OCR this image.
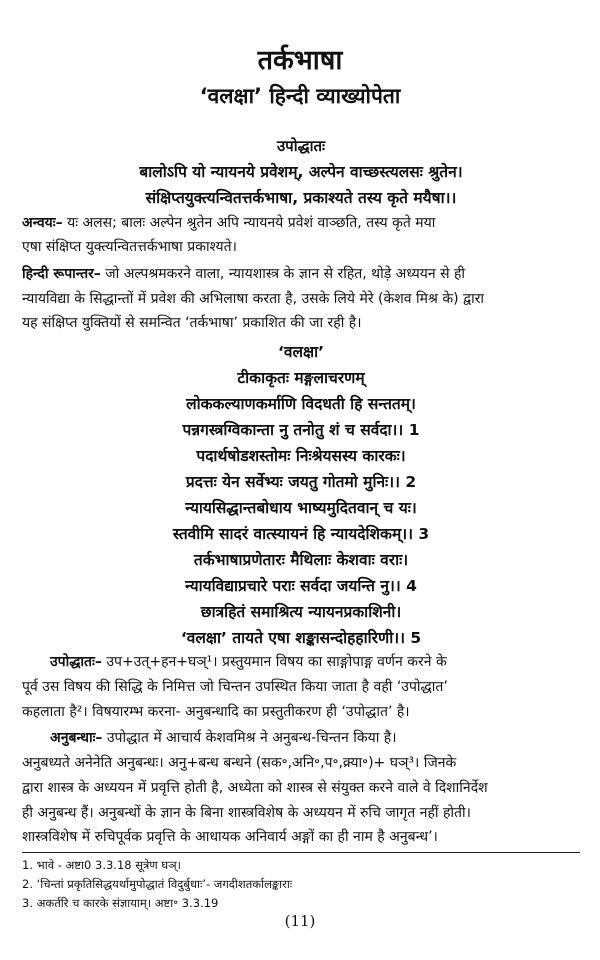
तर्कभाषा
‘वलक्षा’ हिन्दी व्याख्योपेता
उपोद्धातः
बालोऽपि यो न्यायनये प्रवेशम्, अल्पेन वाच्छस्त्यलसः श्रुतेन।
संक्षिप्तयुक्त्यन्वितत्तर्कभाषा, प्रकाश्यते तस्य कृते मयैषा।।
अन्वयः– यः अलस; बालः अल्पेन श्रुतेन अपि न्यायनये प्रवेशं वाञ्छति, तस्य कृते मया
एषा संक्षिप्त युक्त्यन्वितत्तर्कभाषा प्रकाश्यते।
हिन्दी रूपान्तर– जो अल्पश्रमकरने वाला, न्यायशास्त्र के ज्ञान से रहित, थोड़े अध्ययन से ही
न्यायविद्या के सिद्धान्तों में प्रवेश की अभिलाषा करता है, उसके लिये मेरे (केशव मिश्र के) द्वारा
यह संक्षिप्त युक्तियों से समन्वित ‘तर्कभाषा’ प्रकाशित की जा रही है।
‘वलक्षा’
टीकाकृतः मङ्गलाचरणम्
लोककल्याणकर्माणि विदधती हि सन्ततम्।
पन्नगस्त्रग्विकान्ता नु तनोतु शं च सर्वदा।। 1
पदार्थषोडशस्तोमः निःश्रेयसस्य कारकः।
प्रदत्तः येन सर्वेभ्यः जयतु गोतमो मुनिः।। 2
न्यायसिद्धान्तबोधाय भाष्यमुदितवान् च यः।
स्तवीमि सादरं वात्स्यायनं हि न्यायदेशिकम्।। 3
तर्कभाषाप्रणेतारः मैथिलाः केशवाः वराः।
न्यायविद्याप्रचारे पराः सर्वदा जयन्ति नु।। 4
छात्रहितं समाश्रित्य न्यायनप्रकाशिनी।
‘वलक्षा’ तायते एषा शङ्कासन्दोहहारिणी।। 5
उपोद्धातः– उप+उत्+हन+घञ्¹। प्रस्तुयमान विषय का साङ्गोपाङ्ग वर्णन करने के
पूर्व उस विषय की सिद्धि के निमित्त जो चिन्तन उपस्थित किया जाता है वही ‘उपोद्धात’
कहलाता है²। विषयारम्भ करना- अनुबन्धादि का प्रस्तुतीकरण ही ‘उपोद्धात’ है।
अनुबन्धाः– उपोद्धात में आचार्य केशवमिश्र ने अनुबन्ध-चिन्तन किया है।
अनुबध्यते अनेनेति अनुबन्धः। अनु+बन्ध बन्धने (सक॰,अनि॰,प॰,क्र्या॰)+ घञ्³। जिनके
द्वारा शास्त्र के अध्ययन में प्रवृत्ति होती है, अध्येता को शास्त्र से संयुक्त करने वाले वे दिशानिर्देश
ही अनुबन्ध हैं। अनुबन्धों के ज्ञान के बिना शास्त्रविशेष के अध्ययन में रुचि जागृत नहीं होती।
शास्त्रविशेष में रुचिपूर्वक प्रवृत्ति के आधायक अनिवार्य अङ्गों का ही नाम है अनुबन्ध’।
1. भावे - अष्टा0 3.3.18 सूत्रेण घञ्।
2. ‘चिन्तां प्रकृतिसिद्धयर्थामुपोद्धातं विदुर्बुधाः’- जगदीशतर्कालङ्काराः
3. अकर्तरि च कारके संज्ञायाम्। अष्टा॰ 3.3.19
(11)
